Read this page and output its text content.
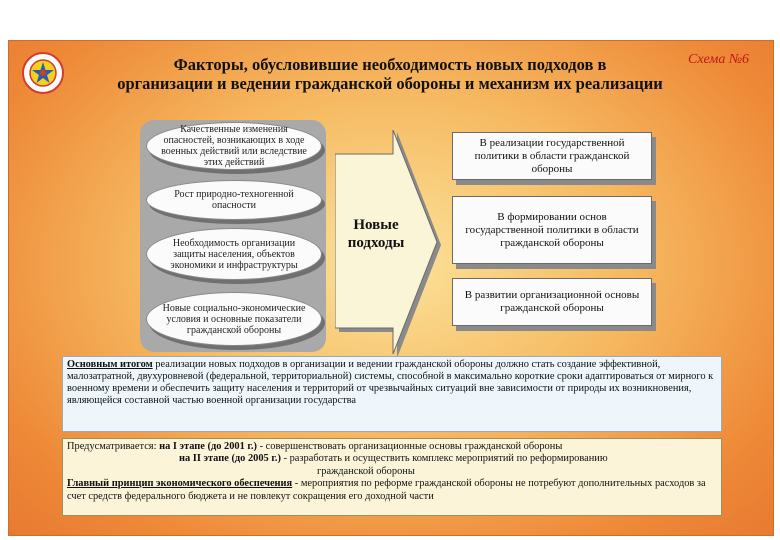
Факторы, обусловившие необходимость новых подходов в
организации и ведении гражданской обороны и механизм их реализации
Схема №6
Качественные изменения опасностей, возникающих в ходе военных действий или вследствие этих действий
Рост природно-техногенной опасности
Необходимость организации защиты населения, объектов экономики и инфраструктуры
Новые социально-экономические условия и основные показатели гражданской обороны
Новые
подходы
В реализации государственной политики в области гражданской обороны
В формировании основ государственной политики в области гражданской обороны
В развитии организационной основы гражданской обороны
Основным итогом реализации новых подходов в организации и ведении гражданской обороны должно стать создание эффективной, малозатратной, двухуровневой (федеральной, территориальной) системы, способной в максимально короткие сроки адаптироваться от мирного к военному времени и обеспечить защиту населения и территорий от чрезвычайных ситуаций вне зависимости от природы их возникновения, являющейся составной частью военной организации государства
Предусматривается: на I этапе (до 2001 г.) - совершенствовать организационные основы гражданской обороны
на II этапе (до 2005 г.) - разработать и осуществить комплекс мероприятий по реформированию
гражданской обороны
Главный принцип экономического обеспечения - мероприятия по реформе гражданской обороны не потребуют дополнительных расходов за счет средств федерального бюджета и не повлекут сокращения его доходной части
